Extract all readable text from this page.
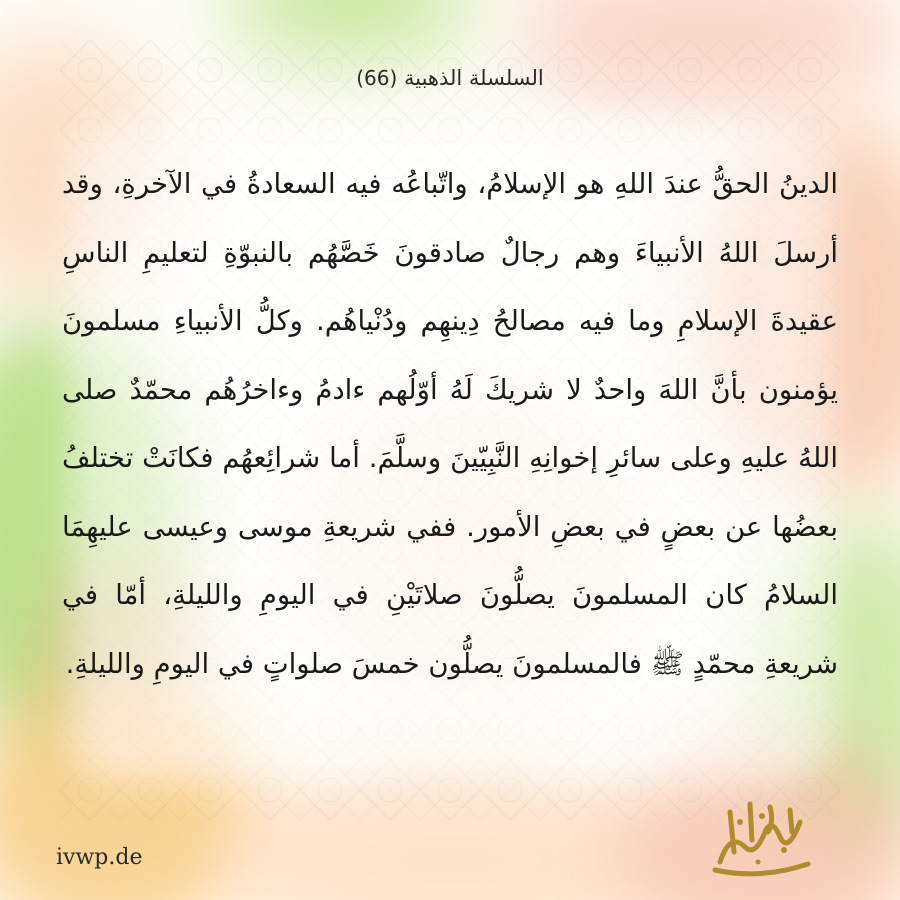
السلسلة الذهبية (66)
الدينُ الحقُّ عندَ اللهِ هو الإسلامُ، واتّباعُه فيه السعادةُ في الآخرةِ، وقد أرسلَ اللهُ الأنبياءَ وهم رجالٌ صادقونَ خَصَّهُم بالنبوّةِ لتعليمِ الناسِ عقيدةَ الإسلامِ وما فيه مصالحُ دِينهِم ودُنْياهُم. وكلُّ الأنبياءِ مسلمونَ يؤمنون بأنَّ اللهَ واحدٌ لا شريكَ لَهُ أوّلُهم ءادمُ وءاخرُهُم محمّدٌ صلى اللهُ عليهِ وعلى سائرِ إخوانِهِ النَّبِيّينَ وسلَّمَ. أما شرائِعهُم فكانَتْ تختلفُ بعضُها عن بعضٍ في بعضِ الأمور. ففي شريعةِ موسى وعيسى عليهِمَا السلامُ كان المسلمونَ يصلُّونَ صلاتَيْنِ في اليومِ والليلةِ، أمّا في شريعةِ محمّدٍ ﷺ فالمسلمونَ يصلُّون خمسَ صلواتٍ في اليومِ والليلةِ.
ivwp.de
